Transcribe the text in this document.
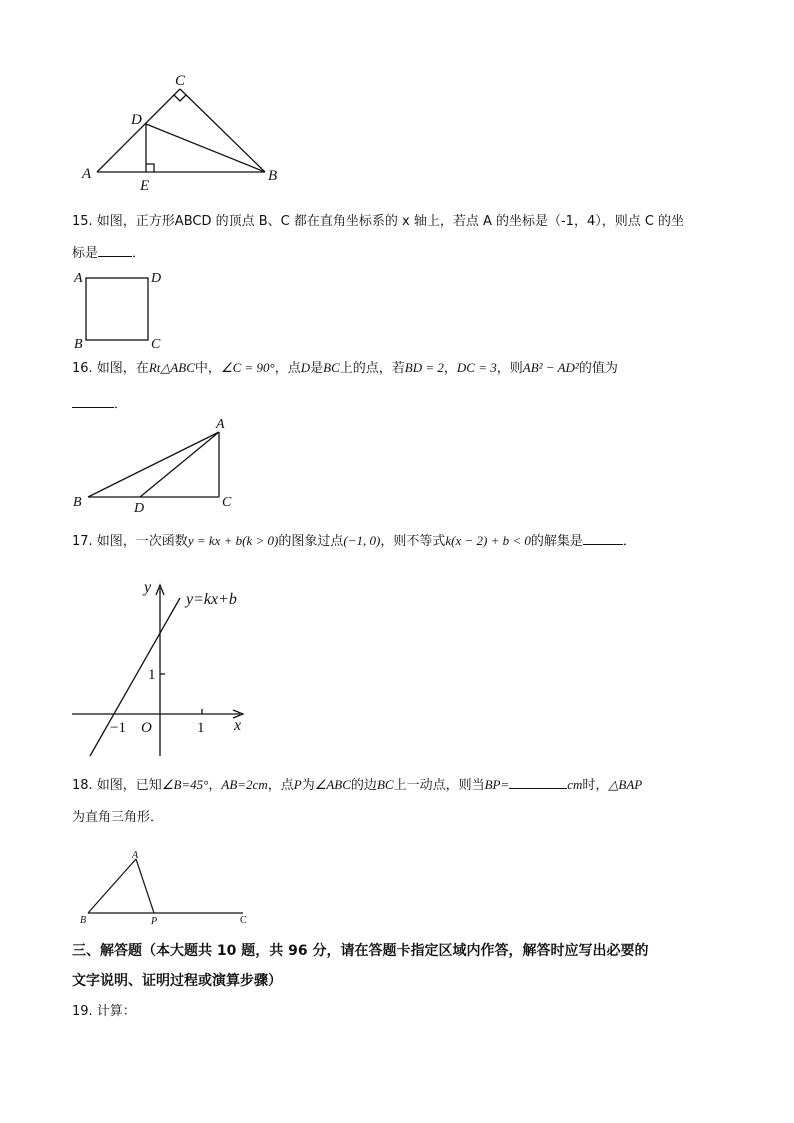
C
D
A
E
B
15. 如图，正方形ABCD 的顶点 B、C 都在直角坐标系的 x 轴上，若点 A 的坐标是（-1，4），则点 C 的坐
标是	．
A	D
B	C
16. 如图，在Rt△ABC中，∠C = 90°，点D是BC上的点，若BD = 2，DC = 3，则AB² − AD²的值为
．
A
B	D	C
17. 如图，一次函数y = kx + b(k > 0)的图象过点(−1, 0)，则不等式k(x − 2) + b < 0的解集是	．
y
x
y=kx+b
1
−1 O	1
18. 如图，已知∠B=45°，AB=2cm，点P为∠ABC的边BC上一动点，则当BP=	cm时，△BAP
为直角三角形．
A
B	P	C
三、解答题（本大题共 10 题，共 96 分，请在答题卡指定区域内作答，解答时应写出必要的
文字说明、证明过程或演算步骤）
19. 计算：
